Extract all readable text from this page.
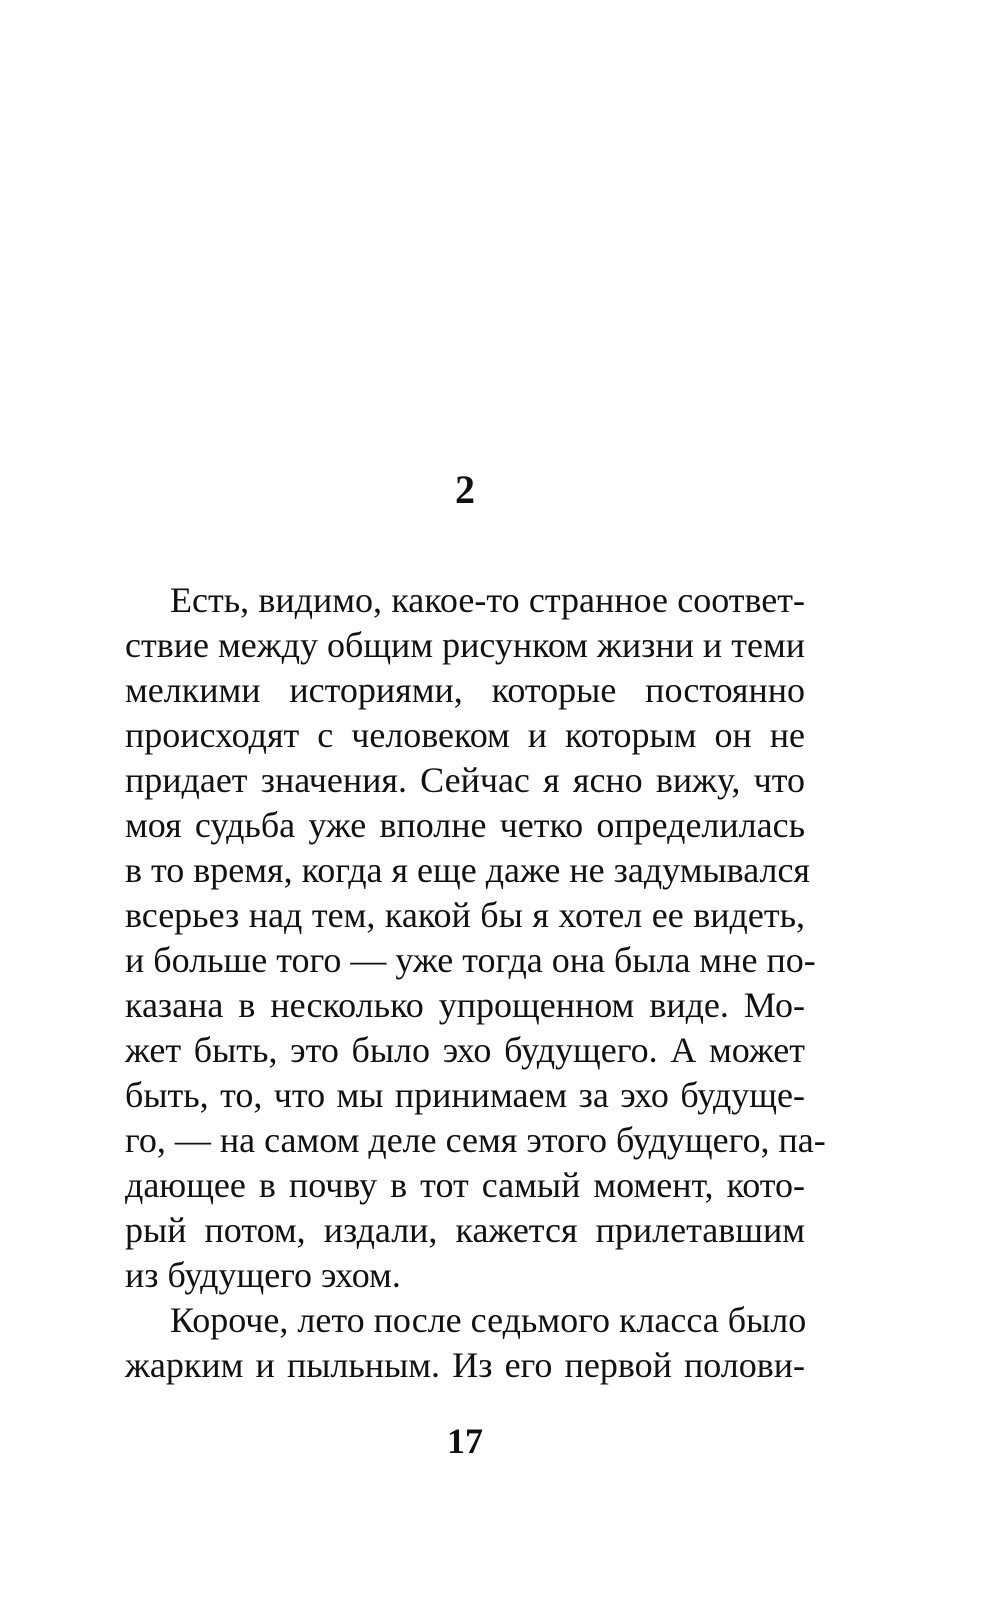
2
Есть, видимо, какое-то странное соответ-
ствие между общим рисунком жизни и теми
мелкими историями, которые постоянно
происходят с человеком и которым он не
придает значения. Сейчас я ясно вижу, что
моя судьба уже вполне четко определилась
в то время, когда я еще даже не задумывался
всерьез над тем, какой бы я хотел ее видеть,
и больше того — уже тогда она была мне по-
казана в несколько упрощенном виде. Мо-
жет быть, это было эхо будущего. А может
быть, то, что мы принимаем за эхо будуще-
го, — на самом деле семя этого будущего, па-
дающее в почву в тот самый момент, кото-
рый потом, издали, кажется прилетавшим
из будущего эхом.
Короче, лето после седьмого класса было
жарким и пыльным. Из его первой полови-
17
